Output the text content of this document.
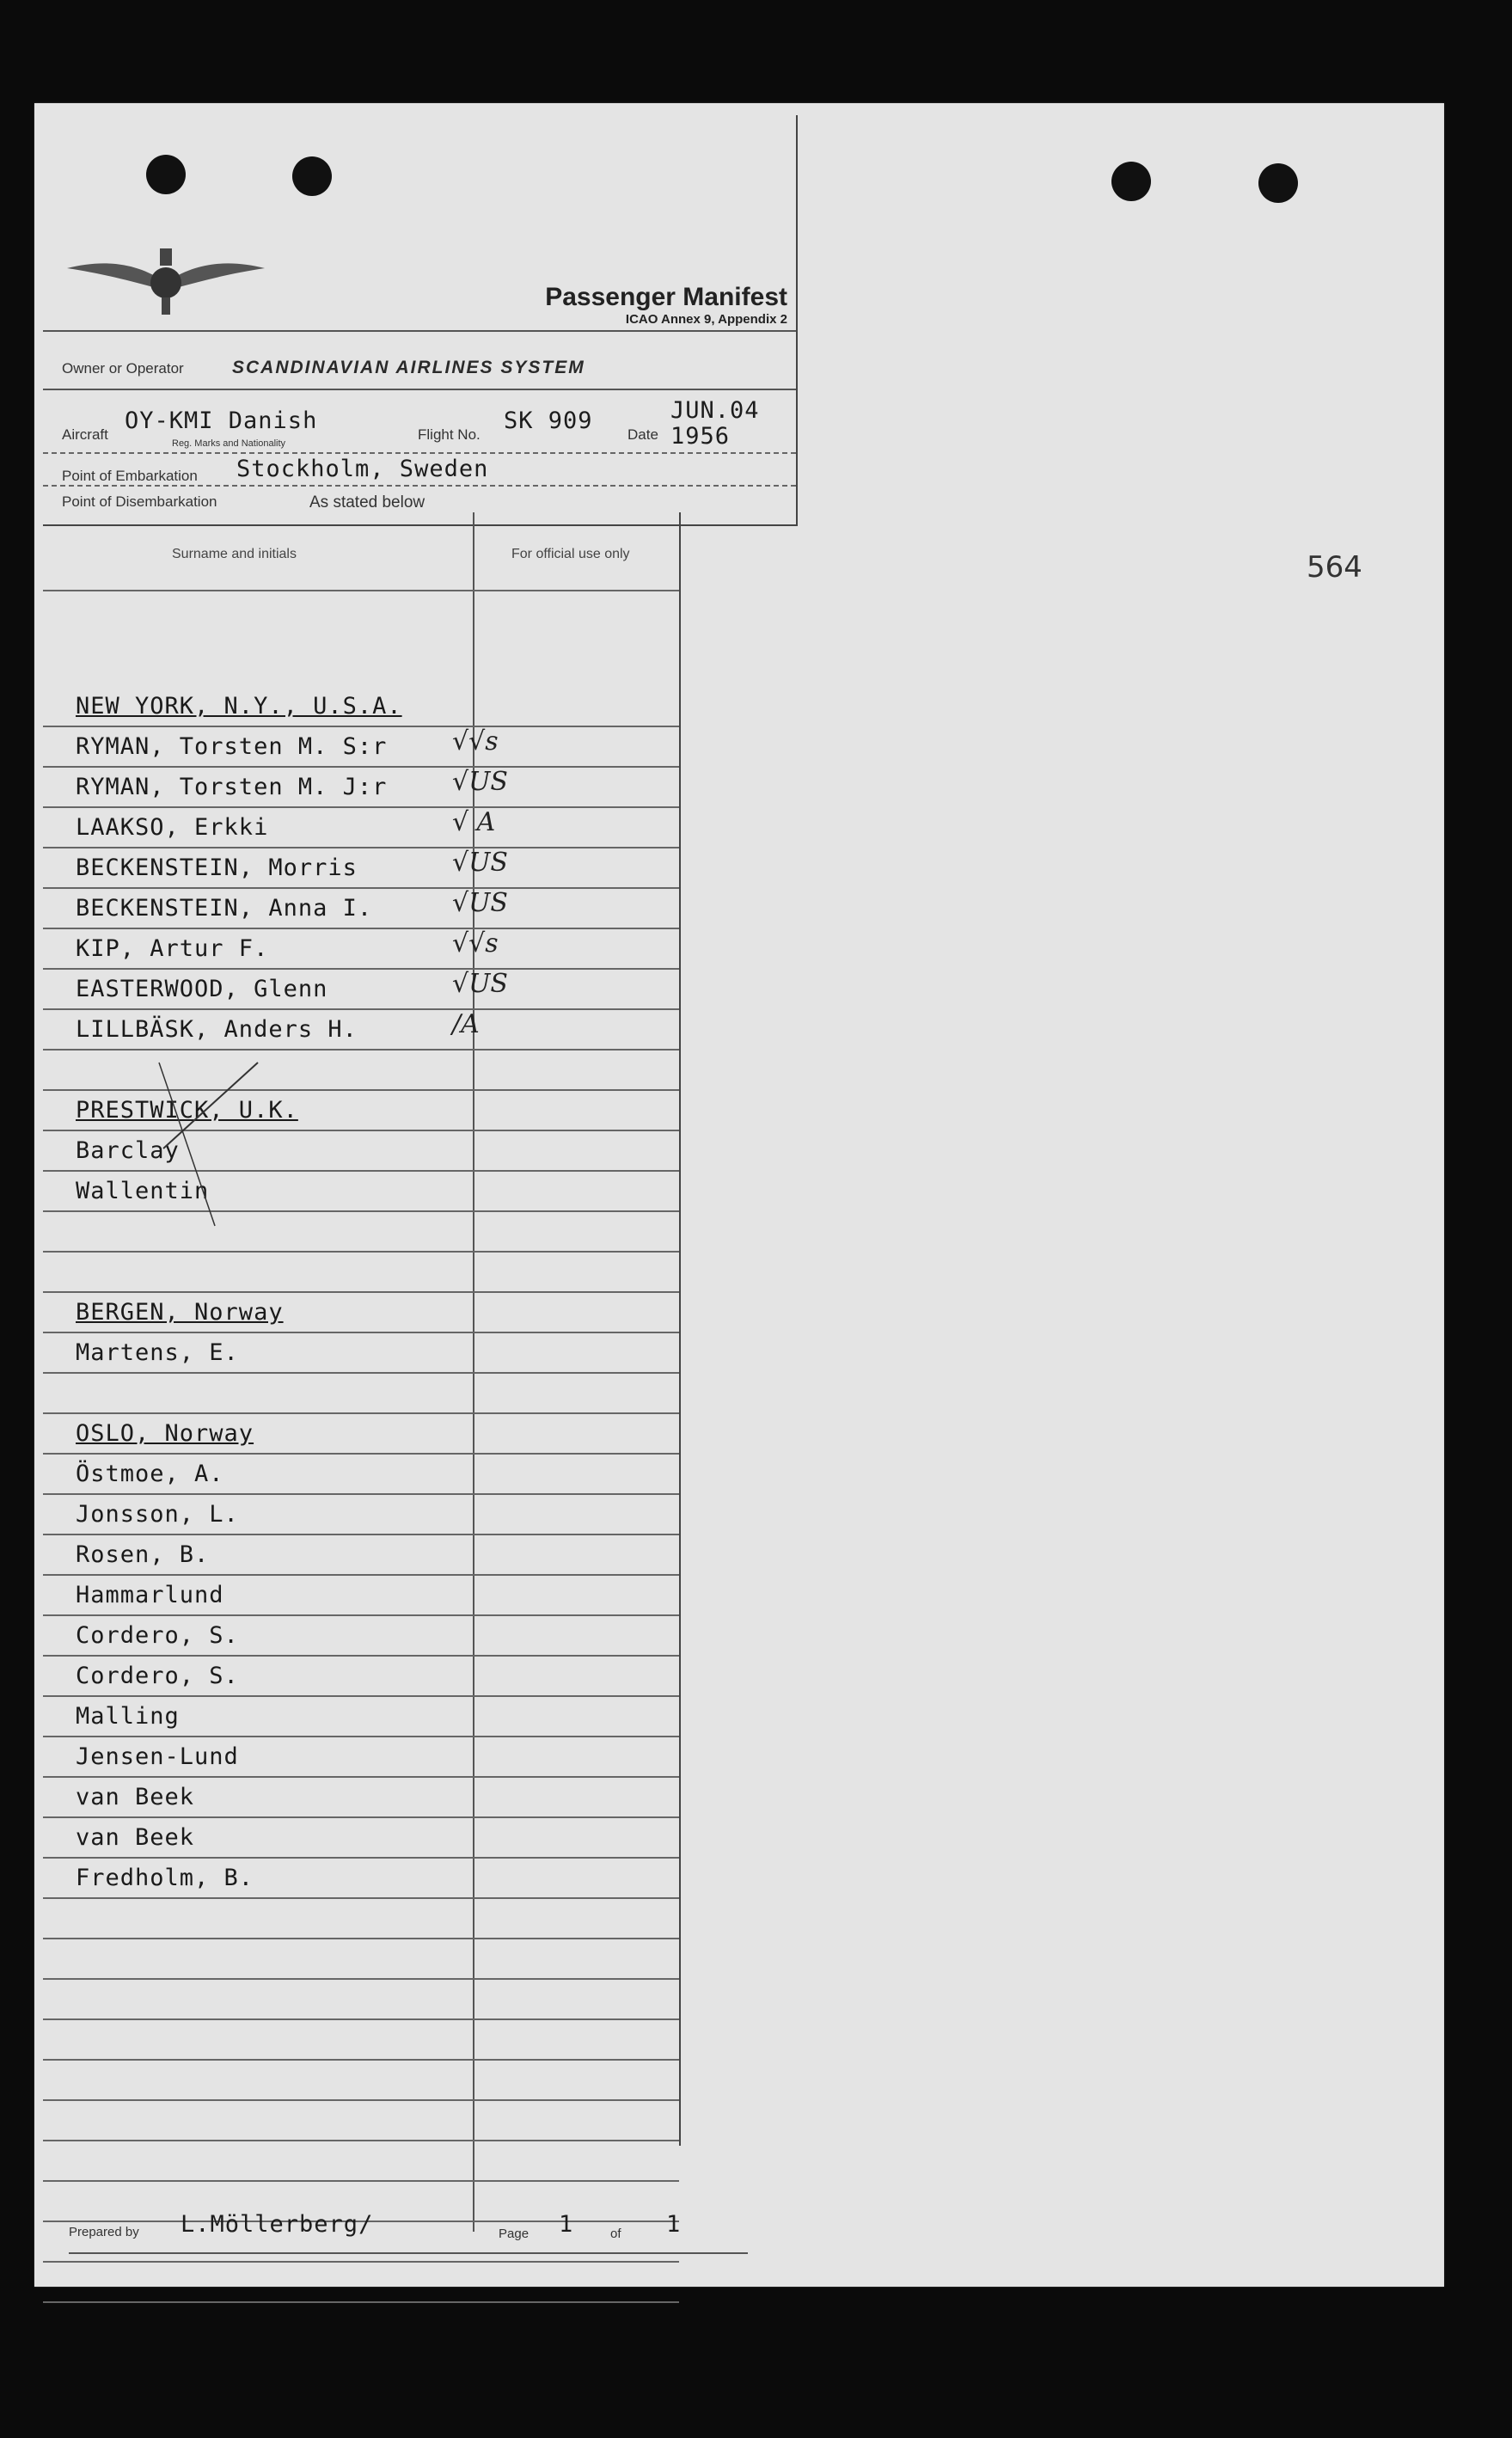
Passenger Manifest
ICAO Annex 9, Appendix 2
Owner or Operator	SCANDINAVIAN AIRLINES SYSTEM
Aircraft
OY-KMI Danish
Reg. Marks and Nationality
Flight No.
SK 909
Date
JUN.04
1956
Point of Embarkation Stockholm, Sweden
Point of Disembarkation	As stated below
Surname and initials	For official use only
NEW YORK, N.Y., U.S.A.
RYMAN, Torsten M. S:r	√√s
RYMAN, Torsten M. J:r	√US
LAAKSO, Erkki	√ A
BECKENSTEIN, Morris	√US
BECKENSTEIN, Anna I.	√US
KIP, Artur F.	√√s
EASTERWOOD, Glenn	√US
LILLBÄSK, Anders H.	/A
PRESTWICK, U.K.
Barclay
Wallentin
BERGEN, Norway
Martens, E.
OSLO, Norway
Östmoe, A.
Jonsson, L.
Rosen, B.
Hammarlund
Cordero, S.
Cordero, S.
Malling
Jensen-Lund
van Beek
van Beek
Fredholm, B.
Prepared by L.Möllerberg/	Page 1	of 1
564
